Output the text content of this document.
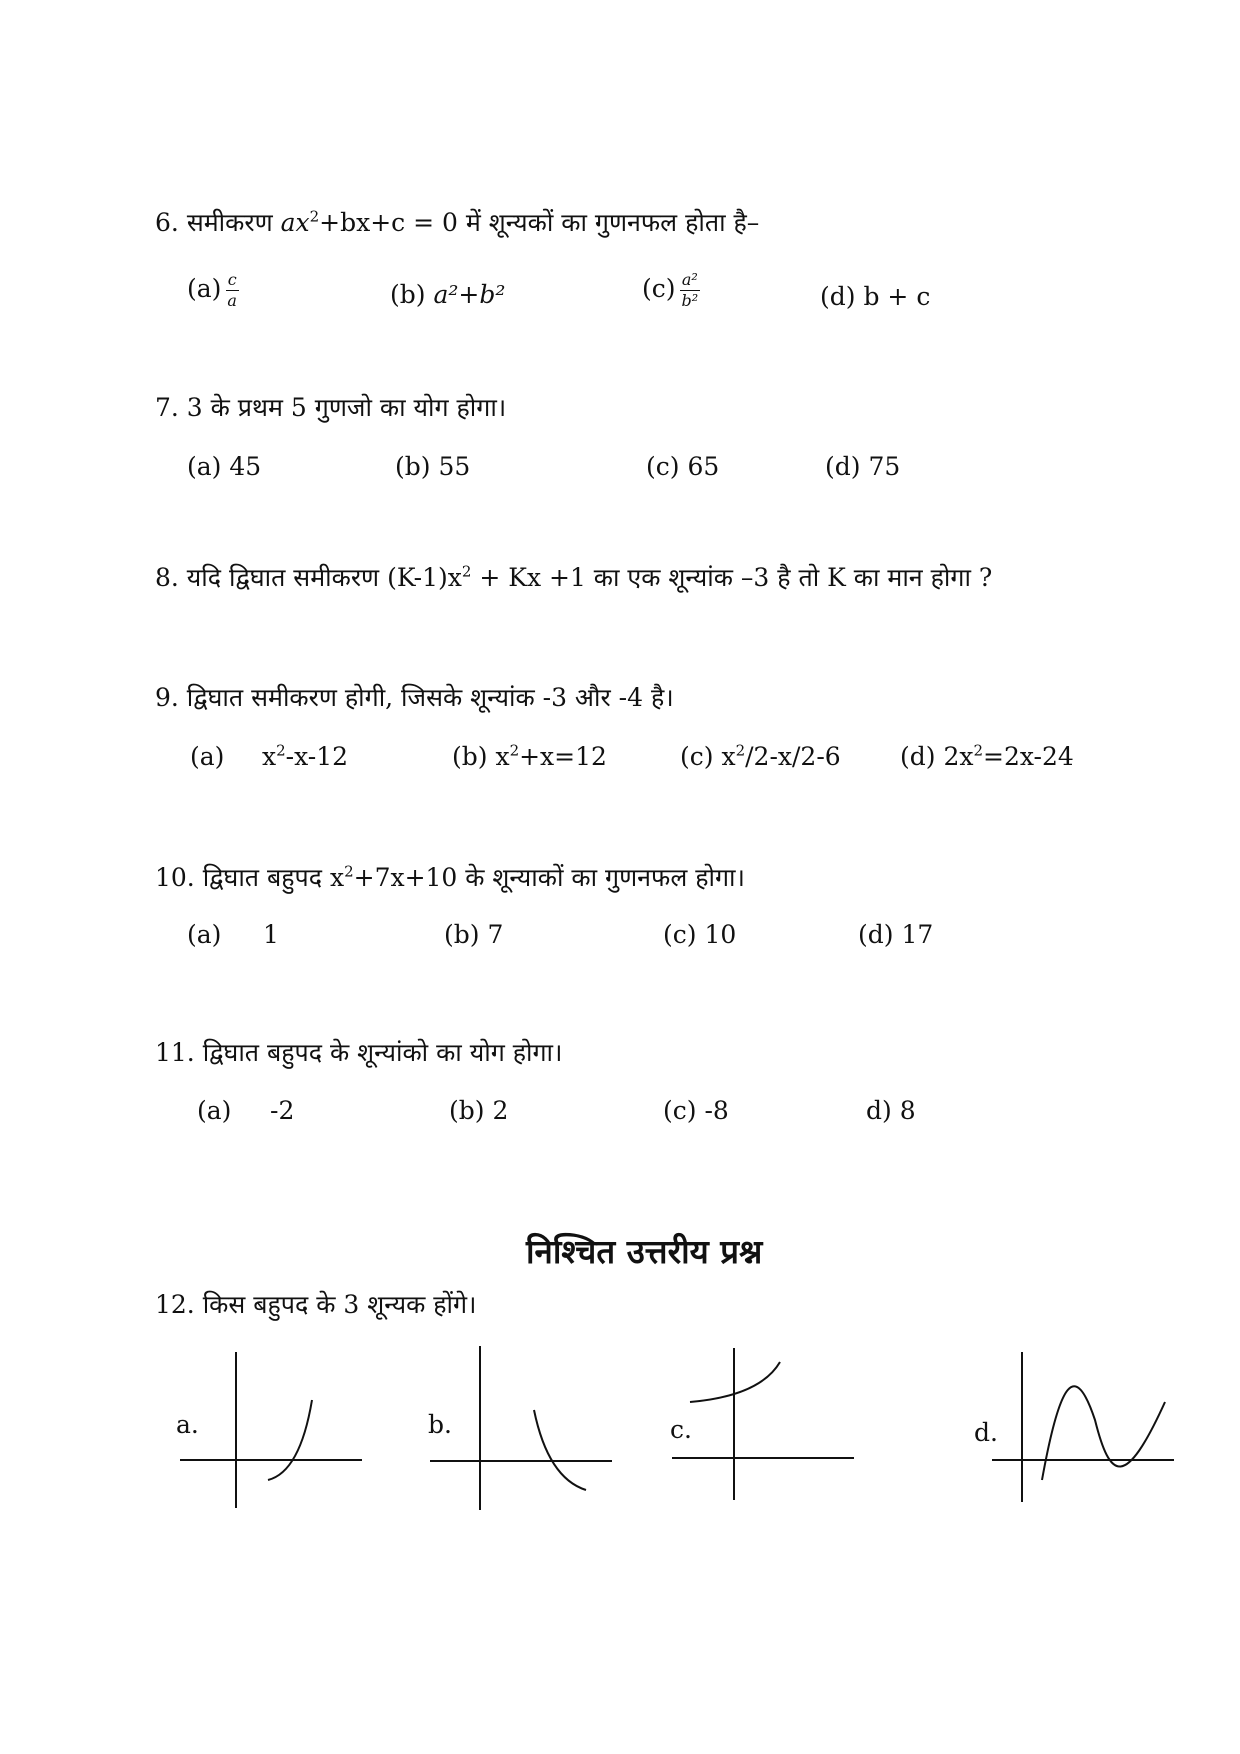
6. समीकरण $ax^2+bx+c = 0$ में शून्यकों का गुणनफल होता है–
$(a) \frac{c}{a}$	(b) a²+b²	$(c) \frac{\text{a²}}{\text{b²}}$	(d) b + c
7. 3 के प्रथम 5 गुणजो का योग होगा।
(a) 45	(b) 55	(c) 65	(d) 75
8. यदि द्विघात समीकरण $(K-1)x^2 + Kx +1$ का एक शून्यांक –3 है तो K का मान होगा ?
9. द्विघात समीकरण होगी, जिसके शून्यांक -3 और -4 है।
(a) $x^2-x-12$	(b) $x^2+x=12$	(c) $x^2/2-x/2-6$ (d) $2x^2=2x-24$
10. द्विघात बहुपद $x^2+7x+10$ के शून्याकों का गुणनफल होगा।
(a) 1	(b) 7	(c) 10	(d) 17
11. द्विघात बहुपद के शून्यांको का योग होगा।
(a) -2	(b) 2	(c) -8	d) 8
निश्चित उत्तरीय प्रश्न
12. किस बहुपद के 3 शून्यक होंगे।
a.	b.	c.	d.
